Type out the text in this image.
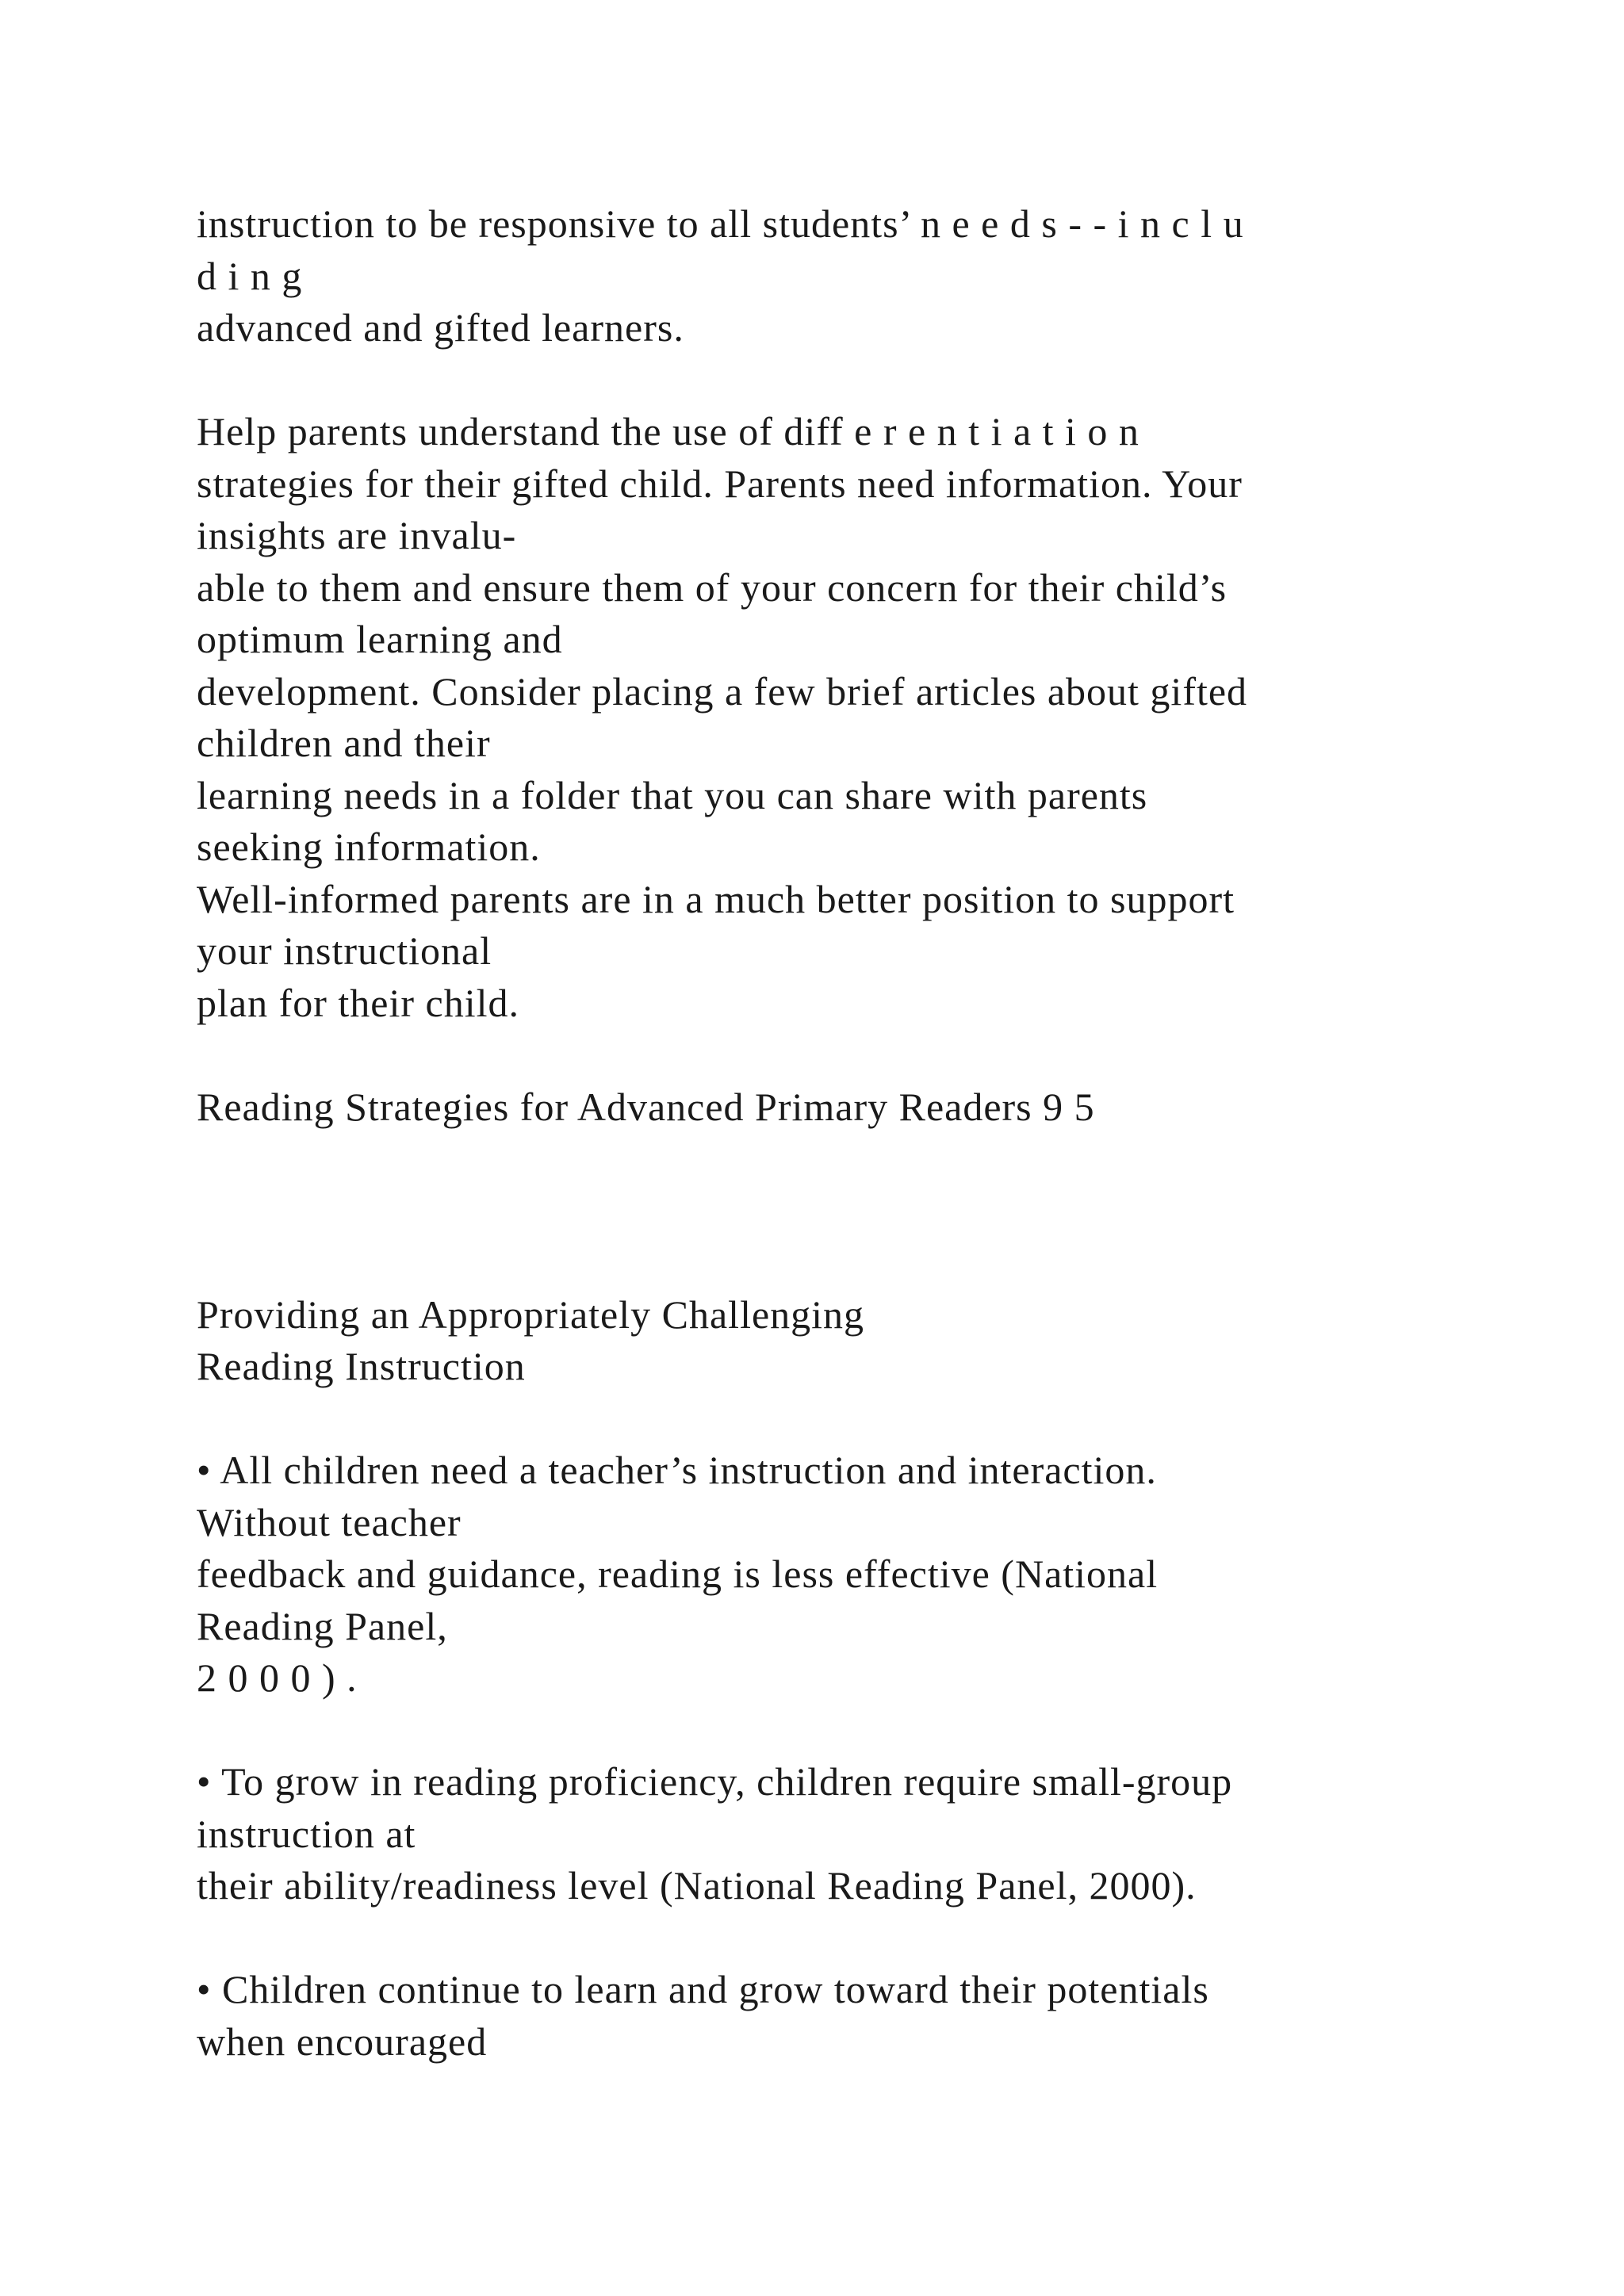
instruction to be responsive to all students’ n e e d s - - i n c l u
d i n g
advanced and gifted learners.
Help parents understand the use of diff e r e n t i a t i o n
strategies for their gifted child. Parents need information. Your
insights are invalu-
able to them and ensure them of your concern for their child’s
optimum learning and
development. Consider placing a few brief articles about gifted
children and their
learning needs in a folder that you can share with parents
seeking information.
Well-informed parents are in a much better position to support
your instructional
plan for their child.
Reading Strategies for Advanced Primary Readers 9 5
Providing an Appropriately Challenging
Reading Instruction
• All children need a teacher’s instruction and interaction.
Without teacher
feedback and guidance, reading is less effective (National
Reading Panel,
2 0 0 0 ) .
• To grow in reading proficiency, children require small-group
instruction at
their ability/readiness level (National Reading Panel, 2000).
• Children continue to learn and grow toward their potentials
when encouraged
